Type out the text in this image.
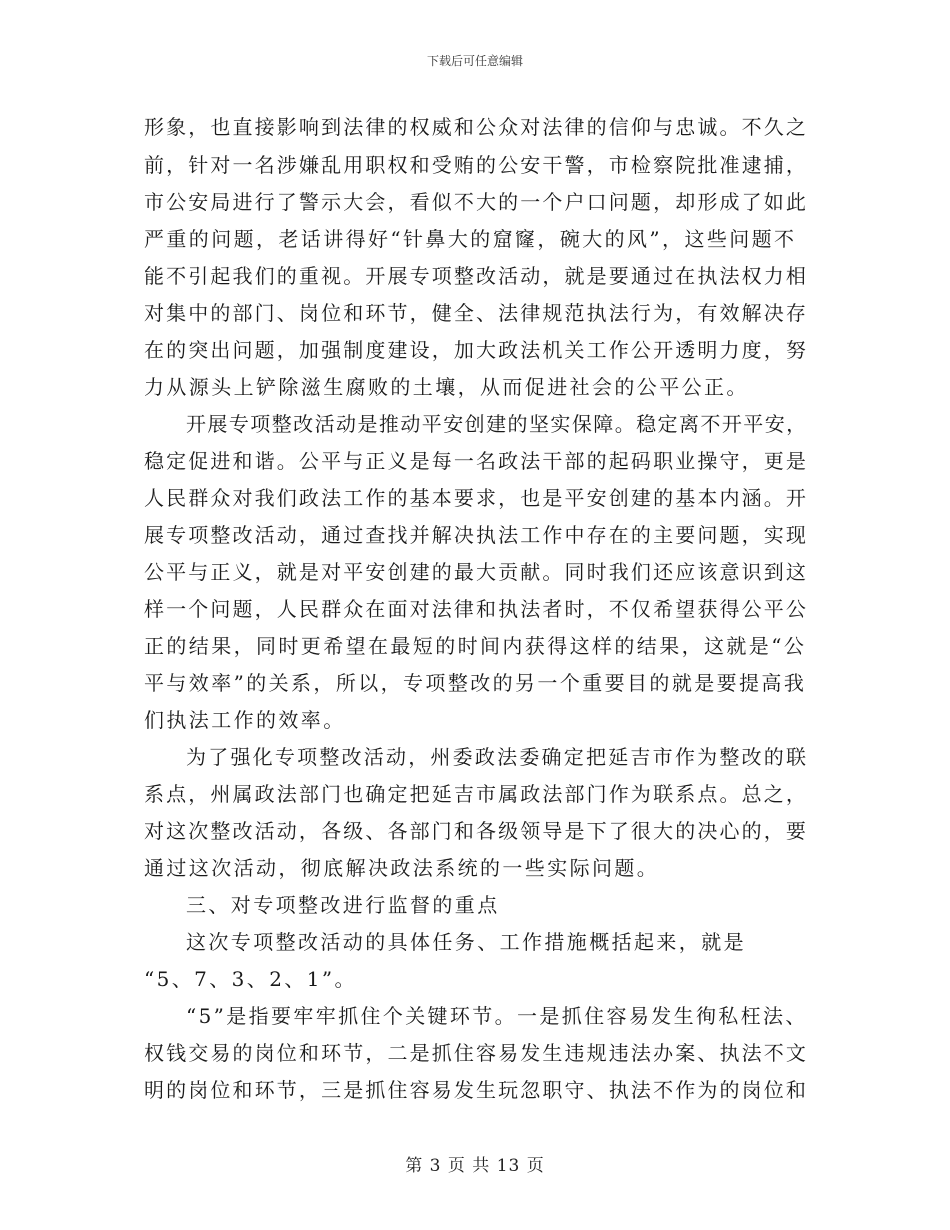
下载后可任意编辑
形象，也直接影响到法律的权威和公众对法律的信仰与忠诚。不久之
前，针对一名涉嫌乱用职权和受贿的公安干警，市检察院批准逮捕，
市公安局进行了警示大会，看似不大的一个户口问题，却形成了如此
严重的问题，老话讲得好“针鼻大的窟窿，碗大的风”，这些问题不
能不引起我们的重视。开展专项整改活动，就是要通过在执法权力相
对集中的部门、岗位和环节，健全、法律规范执法行为，有效解决存
在的突出问题，加强制度建设，加大政法机关工作公开透明力度，努
力从源头上铲除滋生腐败的土壤，从而促进社会的公平公正。
开展专项整改活动是推动平安创建的坚实保障。稳定离不开平安，
稳定促进和谐。公平与正义是每一名政法干部的起码职业操守，更是
人民群众对我们政法工作的基本要求，也是平安创建的基本内涵。开
展专项整改活动，通过查找并解决执法工作中存在的主要问题，实现
公平与正义，就是对平安创建的最大贡献。同时我们还应该意识到这
样一个问题，人民群众在面对法律和执法者时，不仅希望获得公平公
正的结果，同时更希望在最短的时间内获得这样的结果，这就是“公
平与效率”的关系，所以，专项整改的另一个重要目的就是要提高我
们执法工作的效率。
为了强化专项整改活动，州委政法委确定把延吉市作为整改的联
系点，州属政法部门也确定把延吉市属政法部门作为联系点。总之，
对这次整改活动，各级、各部门和各级领导是下了很大的决心的，要
通过这次活动，彻底解决政法系统的一些实际问题。
三、对专项整改进行监督的重点
这次专项整改活动的具体任务、工作措施概括起来，就是
“5、7、3、2、1”。
“5”是指要牢牢抓住个关键环节。一是抓住容易发生徇私枉法、
权钱交易的岗位和环节，二是抓住容易发生违规违法办案、执法不文
明的岗位和环节，三是抓住容易发生玩忽职守、执法不作为的岗位和
第 3 页 共 13 页
